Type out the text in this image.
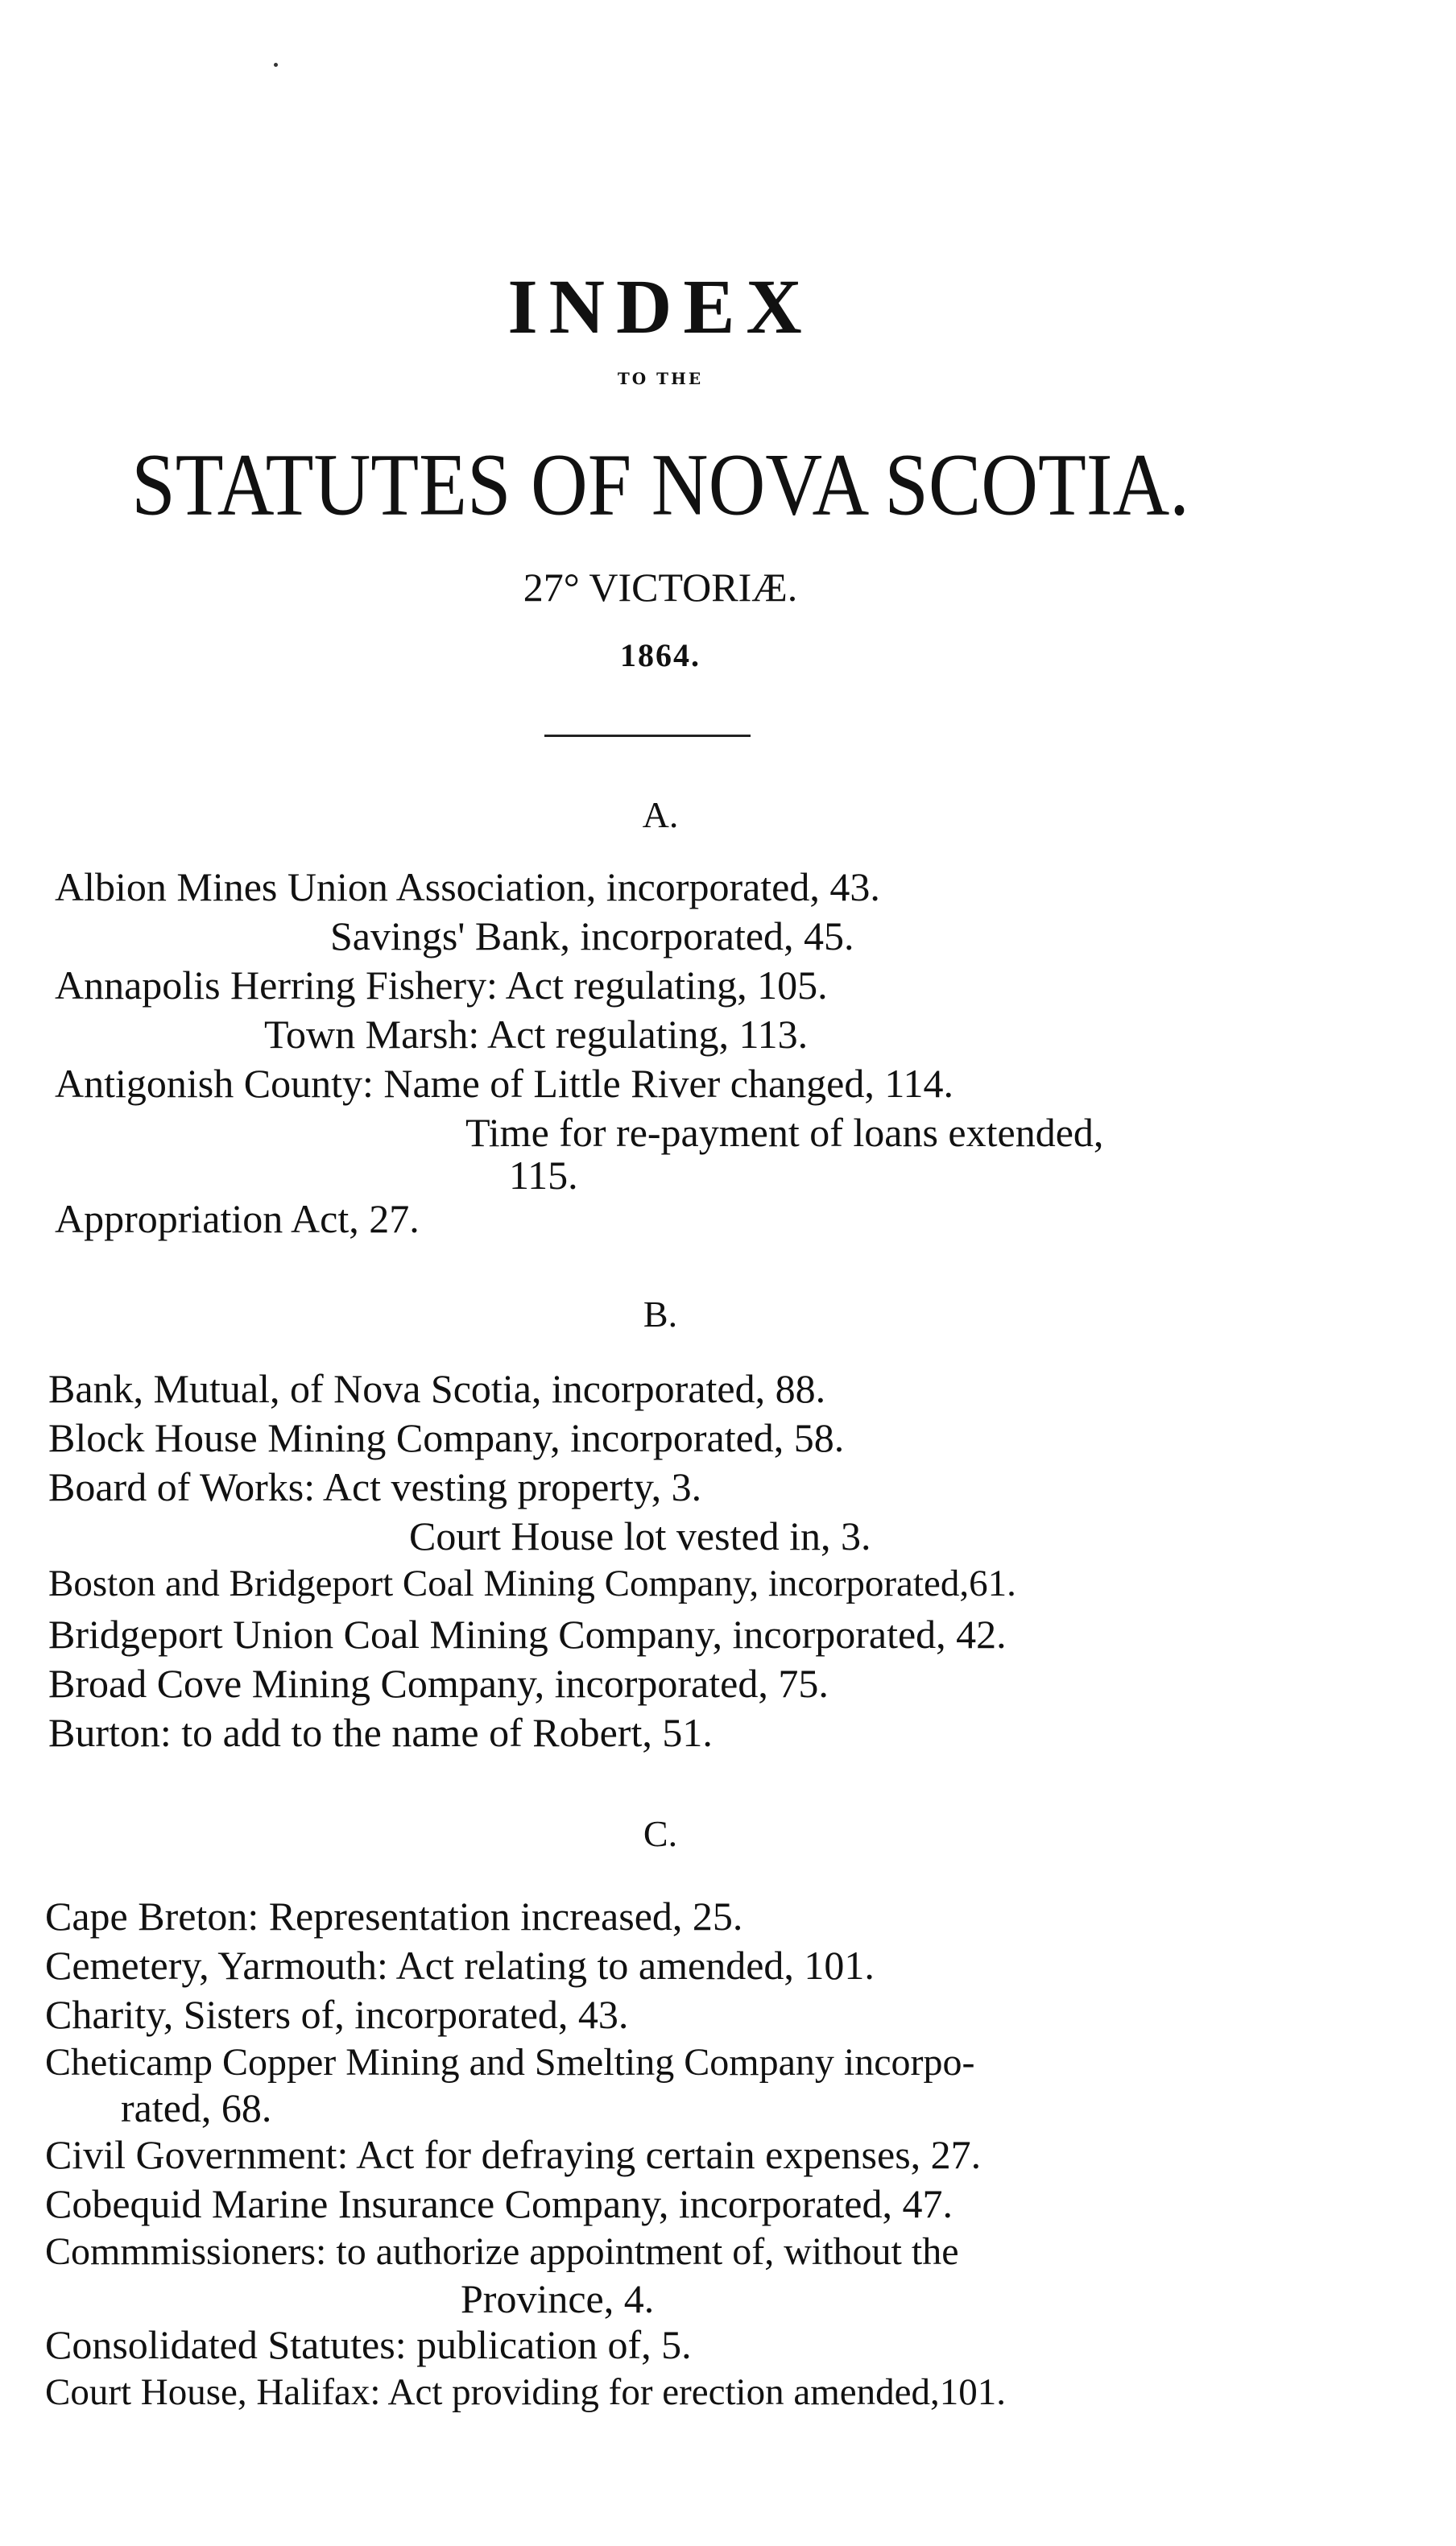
INDEX
TO THE
STATUTES OF NOVA SCOTIA.
27° VICTORIÆ.
1864.
A.
Albion Mines Union Association, incorporated, 43.
Savings' Bank, incorporated, 45.
Annapolis Herring Fishery: Act regulating, 105.
Town Marsh: Act regulating, 113.
Antigonish County: Name of Little River changed, 114.
Time for re-payment of loans extended,
115.
Appropriation Act, 27.
B.
Bank, Mutual, of Nova Scotia, incorporated, 88.
Block House Mining Company, incorporated, 58.
Board of Works: Act vesting property, 3.
Court House lot vested in, 3.
Boston and Bridgeport Coal Mining Company, incorporated,61.
Bridgeport Union Coal Mining Company, incorporated, 42.
Broad Cove Mining Company, incorporated, 75.
Burton: to add to the name of Robert, 51.
C.
Cape Breton: Representation increased, 25.
Cemetery, Yarmouth: Act relating to amended, 101.
Charity, Sisters of, incorporated, 43.
Cheticamp Copper Mining and Smelting Company incorpo-
rated, 68.
Civil Government: Act for defraying certain expenses, 27.
Cobequid Marine Insurance Company, incorporated, 47.
Commmissioners: to authorize appointment of, without the
Province, 4.
Consolidated Statutes: publication of, 5.
Court House, Halifax: Act providing for erection amended,101.
